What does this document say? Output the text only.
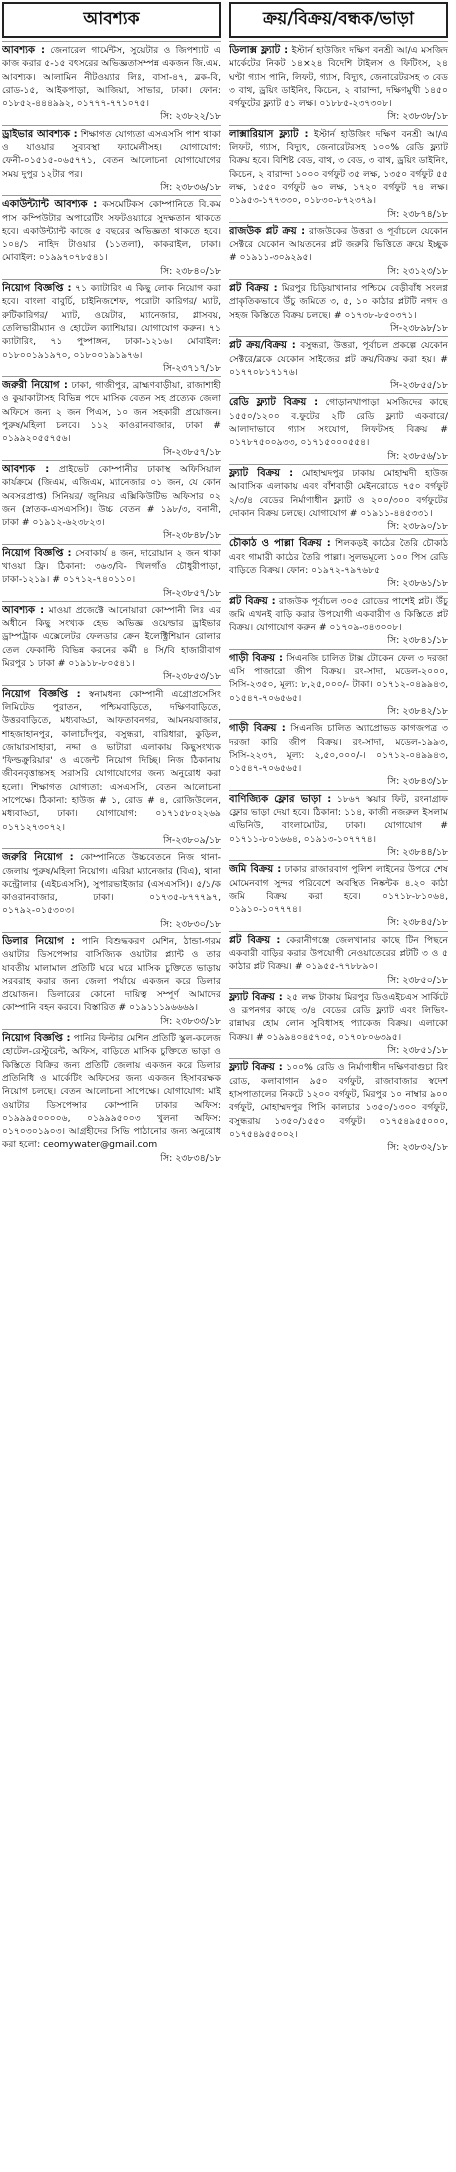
আবশ্যক
আবশ্যক : জেনারেল গার্মেন্টস, সুয়েটার ও জিপশ্যাট এ কাজ করার ৫-১৫ বৎসরের অভিজ্ঞতাসম্পন্ন একজন জি.এম. আবশ্যক। আলামিন নীটওয়্যার লিঃ, বাসা-৪৭, ব্লক-বি, রোড-১৫, আইকপাড়া, আজিয়া, সাভার, ঢাকা। ফোন: ০১৮৫২-৪৪৪৯৯২, ০১৭৭৭-৭৭১০৭৫।
সি: ২৩৮২২/১৮
ড্রাইভার আবশ্যক : শিক্ষাগত যোগ্যতা এসএসসি পাশ থাকা ও যাওয়ার সুব্যবস্থা ফ্যামেলীসহ। যোগাযোগ: ফেনী-০১৫১৫-০৬৫৭৭১, বেতন আলোচনা যোগাযোগের সময় দুপুর ১২টার পর।
সি: ২৩৮৩৬/১৮
একাউন্ট্যান্ট আবশ্যক : কসমেটিকস কোম্পানিতে বি.কম পাস কম্পিউটার অপারেটিং সফটওয়্যারে সুদক্ষতান থাকতে হবে। একাউন্ট্যান্ট কাজে ৫ বছরের অভিজ্ঞতা থাকতে হবে। ১০৪/১ নাহিদ টাওয়ার (১১তলা), কাকরাইল, ঢাকা। মোবাইল: ০১৯৯৭০৭৮৫৪১।
সি: ২৩৮৪০/১৮
নিয়োগ বিজ্ঞপ্তি : ৭১ ক্যাটারিং এ কিছু লোক নিয়োগ করা হবে। বাংলা বাবুর্চি, চাইনিজশেফ, পরোটা কারিগর/ ম্যাট, রুটিকারিগর/ ম্যাট, ওয়েটার, ম্যানেজার, গ্লাসবয়, তেলিভারীম্যান ও হোটেল ক্যাশিয়ার। যোগাযোগ করুন। ৭১ ক্যাটারিং, ৭১ পুষ্পাঙ্গন, ঢাকা-১২১৬। মোবাইল: ০১৮০০১৯১৯৭০, ০১৮০০১৯১৯৭৬।
সি-২৩৭১৭/১৮
জরুরী নিয়োগ : ঢাকা, গাজীপুর, ব্রাহ্মণবাড়ীয়া, রাজাশাহী ও কুয়াকাটাসহ বিভিন্ন পদে মাসিক বেতন সহ প্রত্যেক জেলা অফিসে জন্য ২ জন পিএস, ১০ জন সহকারী প্রয়োজন। পুরুষ/মহিলা চলবে। ১১২ কাওরানবাজার, ঢাকা # ০১৯৯২০৫৫৭৫৬।
সি-২৩৮৫৭/১৮
আবশ্যক : প্রাইভেট কোম্পানীর ঢাকাস্থ অফিসিয়াল কার্যক্রমে (জিএম, এজিএম, ম্যানেজার ০১ জন, যে কোন অবসরপ্রাপ্ত) সিনিয়র/ জুনিয়র এক্সিকিউটিভ অফিসার ০২ জন (স্নাতক-এসএসসি)। উচ্চ বেতন # ১৯৮/৩, বনানী, ঢাকা # ০১৯১২-৬২৩৮২৩।
সি-২৩৮৪৮/১৮
নিয়োগ বিজ্ঞপ্তি : সেবাকার্য ৪ জন, দারোয়ান ২ জন থাকা খাওয়া ফ্রি। ঠিকানা: ৩৬৩/বি- খিলগাঁও চৌধুরীপাড়া, ঢাকা-১২১৯। # ০১৭১২-৭৪০১১০।
সি-২৩৮৫৭/১৮
আবশ্যক : মাওয়া প্রজেক্টে আনোয়ারা কোম্পানী লিঃ এর অধীনে কিছু সংখ্যক হেভ অভিজ্ঞ ওয়েল্ডার ড্রাইভার ড্রাম্পট্রাক এক্সেলেটর ফেলডার ক্রেন ইলেক্ট্রিশিয়ান রোলার তেল ফেকাল্টি বিভিন্ন করনের কর্মী ৪ সি/বি হাজারীবাগ মিরপুর ১ ঢাকা # ০১৯১৮-৮০৫৪১।
সি-২৩৮৫৩/১৮
নিয়োগ বিজ্ঞপ্তি : স্বনামধন্য কোম্পানী এগ্রোপ্রসেসিং লিমিটেড পুরাতন, পশ্চিমবাড়িতে, দক্ষিণবাড়িতে, উত্তরবাড়িতে, মধ্যবাড্ডা, আফতাবনগর, আমনয়বাজার, শাহজাহানপুর, কালাচাঁদপুর, বসুন্ধরা, বারিধারা, কুড়িল, জোয়ারসাহারা, নদ্দা ও ভাটারা এলাকায় কিছুসংখ্যক 'ফিল্ডক্রুরিয়ার' ও এজেন্ট নিয়োগ দিচ্ছি। নিজ ঠিকানায় জীবনবৃত্তান্তসহ সরাসরি যোগাযোগের জন্য অনুরোধ করা হলো। শিক্ষাগত যোগ্যতা: এসএসসি, বেতন আলোচনা সাপেক্ষে। ঠিকানা: হাউজ # ১, রোড # ৪, রোজিউলেন, মধ্যবাড্ডা, ঢাকা। যোগাযোগ: ০১৭১৫৮০২২৬৯ ০১৭১২৭৩০৭২।
সি-২৩৮০৯/১৮
জরুরি নিয়োগ : কোম্পানিতে উচ্চবেতনে নিজ থানা-জেলায় পুরুষ/মহিলা নিয়োগ। এরিয়া ম্যানেজার (বিএ), থানা কন্ট্রোলার (এইচএসসি), সুপারভাইজার (এসএসসি)। ৫/১/ক কাওরানবাজার, ঢাকা। ০১৭৩৫-৮৭৭৭৯৭, ০১৭৯২-০১৫৩০৩।
সি: ২৩৮৩০/১৮
ডিলার নিয়োগ : পানি বিশুদ্ধকরণ মেশিন, ঠান্ডা-গরম ওয়াটার ডিসপেন্সার বাসিজ্যিক ওয়াটার প্ল্যান্ট ও তার যাবতীয় মালামাল প্রতিটি ঘরে ঘরে মাসিক চুক্তিতে ভাড়ায় সরবরাহ করার জন্য জেলা পর্যায়ে একজন করে ডিলার প্রয়োজন। ডিলারের কোনো দায়িত্ব সম্পূর্ণ আমাদের কোম্পানি বহন করবে। বিস্তারিত # ০১৯১১১৯৬৬৬৯।
সি: ২৩৮৩৩/১৮
নিয়োগ বিজ্ঞপ্তি : পানির ফিল্টার মেশিন প্রতিটি স্কুল-কলেজ হোটেল-রেস্টুরেন্ট, অফিস, বাড়িতে মাসিক চুক্তিতে ভাড়া ও কিস্তিতে বিক্রির জন্য প্রতিটি জেলায় একজন করে ডিলার প্রতিনিধি ও মার্কেটিং অফিসের জন্য একজন হিসাবরক্ষক নিয়োগ চলছে। বেতন আলোচনা সাপেক্ষে। যোগাযোগ: মাই ওয়াটার ডিসপেন্সার কোম্পানি ঢাকার অফিস: ০১৯৯৯৫০০০০৬, ০১৯৯৯৫০০৩ খুলনা অফিস: ০১৭০৩০১৯০৩। আগ্রহীদের সিভি পাঠানোর জন্য অনুরোধ করা হলো: ceomywater@gmail.com
সি: ২৩৮৩৪/১৮
ক্রয়/বিক্রয়/বন্ধক/ভাড়া
ডিলাক্স ফ্ল্যাট : ইস্টার্ন হাউজিং দক্ষিণ বনশ্রী আ/এ মসজিদ মার্কেটের নিকট ১৪×২৪ বিদেশি টাইলস ও ফিটিংস, ২৪ ঘণ্টা গ্যাস পানি, লিফট, গ্যাস, বিদ্যুৎ, জেনারেটরসহ ৩ বেড ৩ বাথ, ড্রয়িং ডাইনিং, কিচেন, ২ বারান্দা, দক্ষিণমুখী ১৪৫০ বর্গফুটের ফ্ল্যাট ৫১ লক্ষ। ০১৮৮৫-২৩৭৩০৮।
সি: ২৩৮৩৮/১৮
লাক্সারিয়াস ফ্ল্যাট : ইস্টার্ন হাউজিং দক্ষিণ বনশ্রী আ/এ লিফট, গ্যাস, বিদ্যুৎ, জেনারেটরসহ ১০০% রেডি ফ্ল্যাট বিক্রয় হবে। বিশিষ্ট বেড, বাথ, ৩ বেড, ৩ বাথ, ড্রয়িং ডাইনিং, কিচেন, ২ বারান্দা ১০০০ বর্গফুট ৩৫ লক্ষ, ১৩৫০ বর্গফুট ৫৫ লক্ষ, ১৫৫০ বর্গফুট ৬০ লক্ষ, ১৭২০ বর্গফুট ৭৪ লক্ষ। ০১৯৫৩-১৭৭৩৩০, ০১৮৩০-৮৭২৩৭৯।
সি: ২৩৮৭৪/১৮
রাজউক প্লট ক্রয় : রাজউকের উত্তরা ও পূর্বাচলে যেকোন সেক্টরে যেকোন আয়তনের প্লট জরুরি ভিত্তিতে ক্রয়ে ইচ্ছুক # ০১৯১১-৩০৯২৯৫।
সি: ২৩১২৩/১৮
প্লট বিক্রয় : মিরপুর চিড়িয়াখানার পশ্চিমে বেড়ীবাঁধ সংলগ্ন প্রাকৃতিকভাবে উঁচু জমিতে ৩, ৫, ১০ কাঠার প্লটটি নগদ ও সহজ কিস্তিতে বিক্রয় চলছে। # ০১৭৩৮-৮৫০৩৭১।
সি-২৩৮৯৮/১৮
প্লট ক্রয়/বিক্রয় : বসুন্ধরা, উত্তরা, পূর্বাচল প্রকল্পে যেকোন সেক্টরে/ব্লকে যেকোন সাইজের প্লট ক্রয়/বিক্রয় করা হয়। # ০১৭৭০৮১৭১৭৬।
সি-২৩৮৫৫/১৮
রেডি ফ্ল্যাট বিক্রয় : গোড়ানখাপাড়া মসজিদের কাছে ১৫৫০/১২০০ ব.ফুটের ২টি রেডি ফ্ল্যাট একবারে/আলাদাভাবে গ্যাস সংযোগ, লিফটসহ বিক্রয় # ০১৭৮৭৫০০৯৩৩, ০১৭১৫০০০৫৫৪।
সি: ২৩৮৫৬/১৮
ফ্ল্যাট বিক্রয় : মোহাম্মদপুর ঢাকায় মোহাম্মদী হাউজ আবাসিক এলাকায় এবং বাঁশবাড়ী মেইনরোডে ৭৫০ বর্গফুট ২/৩/৪ বেডের নির্মাণাধীন ফ্ল্যাট ও ২০০/৩০০ বর্গফুটের দোকান বিক্রয় চলছে। যোগাযোগ # ০১৯১১-৪৪৫৩৩১।
সি: ২৩৮৯০/১৮
চৌকাঠ ও পাল্লা বিক্রয় : শিলকড়ই কাঠের তৈরি চৌকাঠ এবং গামারী কাঠের তৈরি পাল্লা। সুলভমূল্যে ১০০ পিস রেডি বাড়িতে বিক্রয়। ফোন: ০১৯৭২-৭৯৭৬৮৫
সি: ২৩৮৬১/১৮
প্লট বিক্রয় : রাজউক পূর্বাচল ৩০৫ রোডের পাশেই প্লট। উঁচু জমি এখনই বাড়ি করার উপযোগী একবারীণ ও কিস্তিতে প্লট বিক্রয়। যোগাযোগ করুন # ০১৭০৯-৩৪৩০০৮।
সি: ২৩৮৪১/১৮
গাড়ী বিক্রয় : সিএনজি চালিত টাক্স টোকেন ফেল ৩ দরজা এসি পাজারো জীপ বিক্রয়। রং-সাদা, মডেল-২০০০, সিসি-২৩৫০, মূল্য: ৮,২৫,০০০/- টাকা। ০১৭১২-০৪৯৯৪৩, ০১৫৪৭-৭০৬৫৬৫।
সি: ২৩৮৪২/১৮
গাড়ী বিক্রয় : সিএনজি চালিত অ্যাপ্রোভড কাগজপত্র ৩ দরজা কারি জীপ বিক্রয়। রং-সাদা, মডেল-১৯৯৩, সিসি-২২৩৭, মূল্য: ২,৫০,০০০/-। ০১৭১২-০৪৯৯৪৩, ০১৫৪৭-৭০৬৫৬৫।
সি: ২৩৮৪৩/১৮
বাণিজ্যিক ফ্লোর ভাড়া : ১৮৬৭ স্কয়ার ফিট, রংনাগ্রাফ ফ্লোর ভাড়া দেয়া হবে। ঠিকানা: ১১৪, কাজী নজরুল ইসলাম এভিনিউ, বাংলামোটর, ঢাকা। যোগাযোগ # ০১৭১১-৮০১৬৬৪, ০১৯১৩-১০৭৭৭৪।
সি: ২৩৮৪৪/১৮
জমি বিক্রয় : ঢাকার রাজারবাগ পুলিশ লাইনের উপরে শেষ মোমেনবাগ সুন্দর পরিবেশে অবস্থিত নিষ্কন্টক ৪.২০ কাঠা জমি বিক্রয় করা হবে। ০১৭১৮-৮১০৬৪, ০১৯১০-১০৭৭৭৪।
সি: ২৩৮৪৫/১৮
প্লট বিক্রয় : কেরানীগঞ্জে জেলখানার কাছে টিন পিছনে একবারী বাড়ির করার উপযোগী নেওয়াতেরের প্লটটি ৩ ও ৫ কাঠার প্লট বিক্রয়। # ০১৯৫৫-৭৭৮৮৯০।
সি: ২৩৮৫০/১৮
ফ্ল্যাট বিক্রয় : ২৫ লক্ষ টাকায় মিরপুর ডিওএইচএস সার্কিটে ও রূপনগর কাছে ৩/৪ বেডের রেডি ফ্ল্যাট এবং লিভিং-রান্নাঘর হোম লোন সুবিধাসহ প্যাকেজ বিক্রয়। এলাকো বিক্রয়। # ০১৯৯৪০৪৫৭০৫, ০১৭০৮০৬৩৯৫।
সি: ২৩৮৫১/১৮
ফ্ল্যাট বিক্রয় : ১০০% রেডি ও নির্মাণাধীন দক্ষিণবাগুচা রিং রোড, কলাবাগান ৯৫০ বর্গফুট, রাজাবাজার স্বদেশ হাসপাতালের নিকটে ১২০০ বর্গফুট, মিরপুর ১০ নাম্বার ৯০০ বর্গফুট, মোহাম্মদপুর পিসি কালচার ১৩৫০/১৩০০ বর্গফুট, বসুন্ধরায় ১৩৫০/১৫৫০ বর্গফুট। ০১৭৫৪৯৫৫০০০, ০১৭৫৪৯৫৫০০২।
সি: ২৩৮৩২/১৮
